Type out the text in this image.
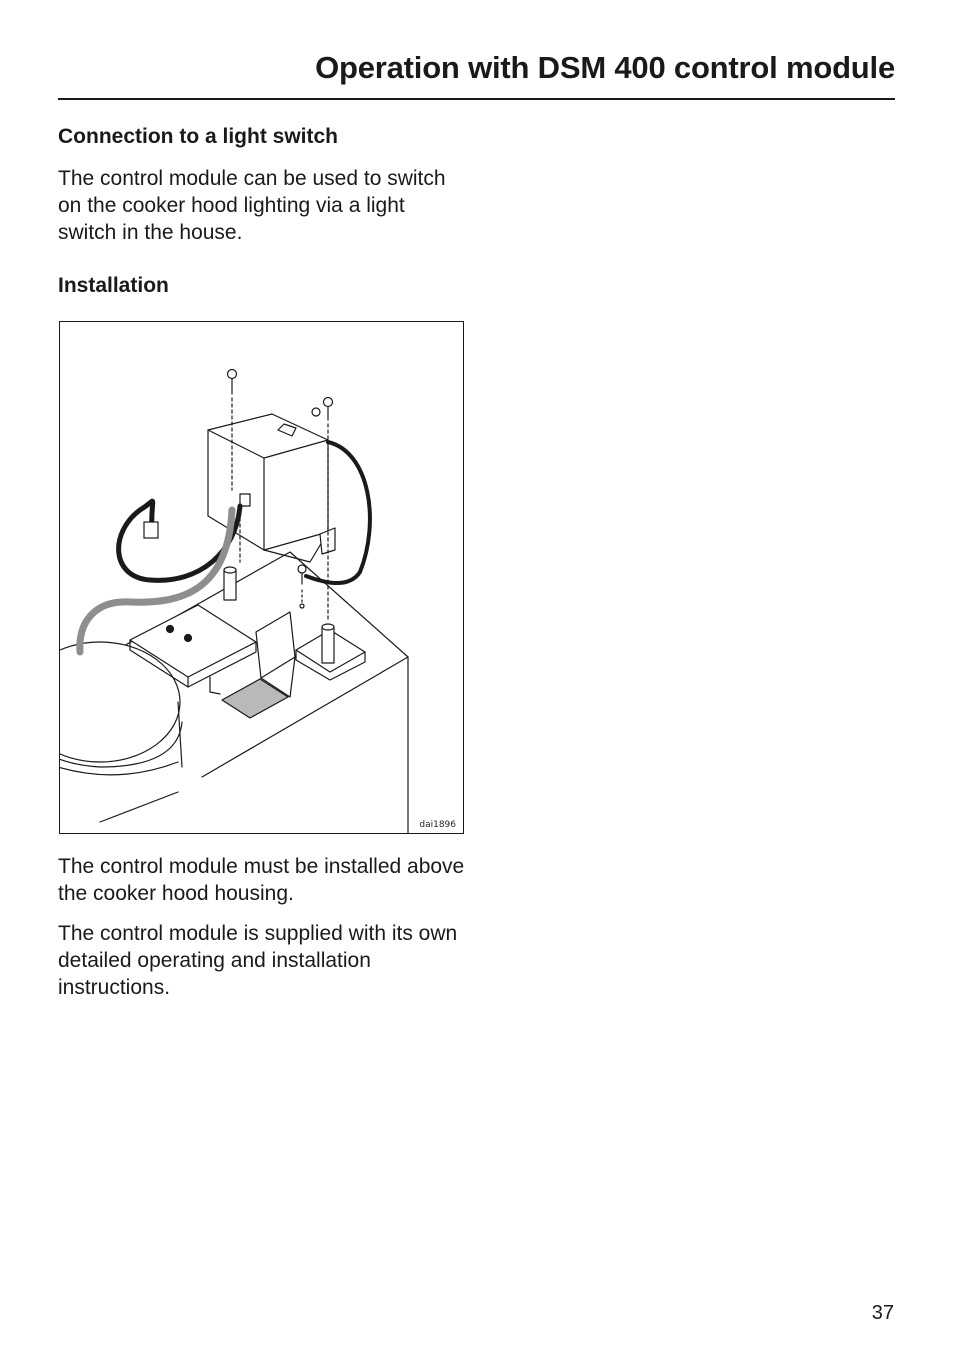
Operation with DSM 400 control module
Connection to a light switch

The control module can be used to switch on the cooker hood lighting via a light switch in the house.

Installation
dai1896

The control module must be installed above the cooker hood housing.

The control module is supplied with its own detailed operating and installation instructions.

37
